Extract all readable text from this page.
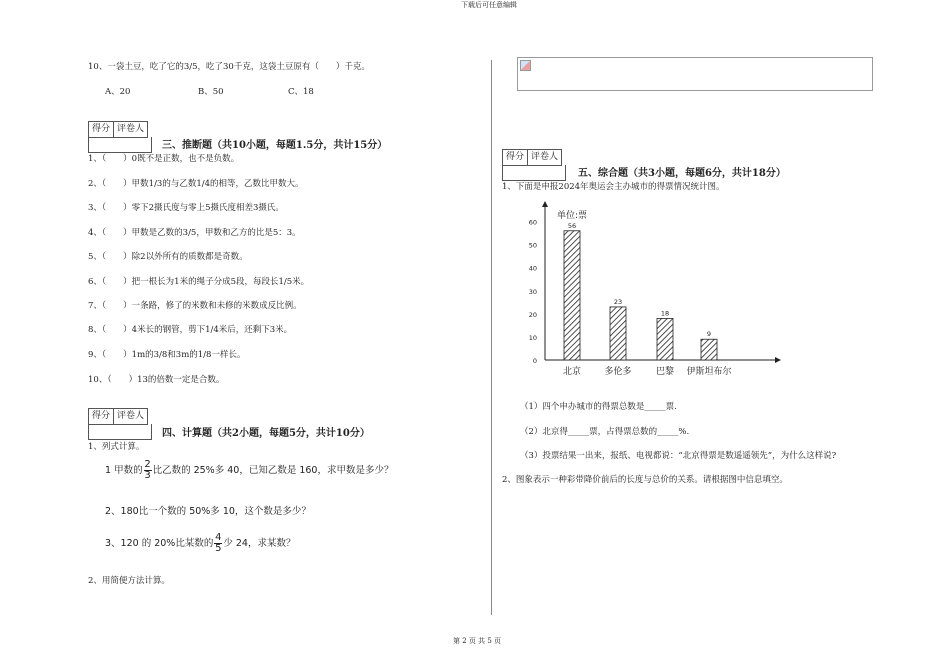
下载后可任意编辑
第 2 页 共 5 页
10、一袋土豆，吃了它的3/5，吃了30千克，这袋土豆原有（　　）千克。
A、20	B、50	C、18
得分 评卷人
三、推断题（共10小题，每题1.5分，共计15分）
1、（　　）0既不是正数，也不是负数。
2、（　　）甲数1/3的与乙数1/4的相等，乙数比甲数大。
3、（　　）零下2摄氏度与零上5摄氏度相差3摄氏。
4、（　　）甲数是乙数的3/5，甲数和乙方的比是5：3。
5、（　　）除2以外所有的质数都是奇数。
6、（　　）把一根长为1米的绳子分成5段，每段长1/5米。
7、（　　）一条路，修了的米数和未修的米数成反比例。
8、（　　）4米长的钢管，剪下1/4米后，还剩下3米。
9、（　　）1m的3/8和3m的1/8一样长。
10、（　　）13的倍数一定是合数。
得分 评卷人
四、计算题（共2小题，每题5分，共计10分）
1、列式计算。
1 甲数的 $\frac{2}{3}$ 比乙数的 25%多 40，已知乙数是 160，求甲数是多少？
2、180比一个数的 50%多 10，这个数是多少？
3、120 的 20%比某数的 $\frac{4}{5}$ 少 24，求某数？
2、用简便方法计算。
得分 评卷人
五、综合题（共3小题，每题6分，共计18分）
1、下面是申报2024年奥运会主办城市的得票情况统计图。
单位:票
0
10
20
30
40
50
60	56
北京
23
多伦多
18
巴黎
9
伊斯坦布尔
（1）四个申办城市的得票总数是_____票.
（2）北京得_____票，占得票总数的_____%.
（3）投票结果一出来，报纸、电视都说：“北京得票是数遥遥领先”，为什么这样说?
2、图象表示一种彩带降价前后的长度与总价的关系。请根据图中信息填空。
